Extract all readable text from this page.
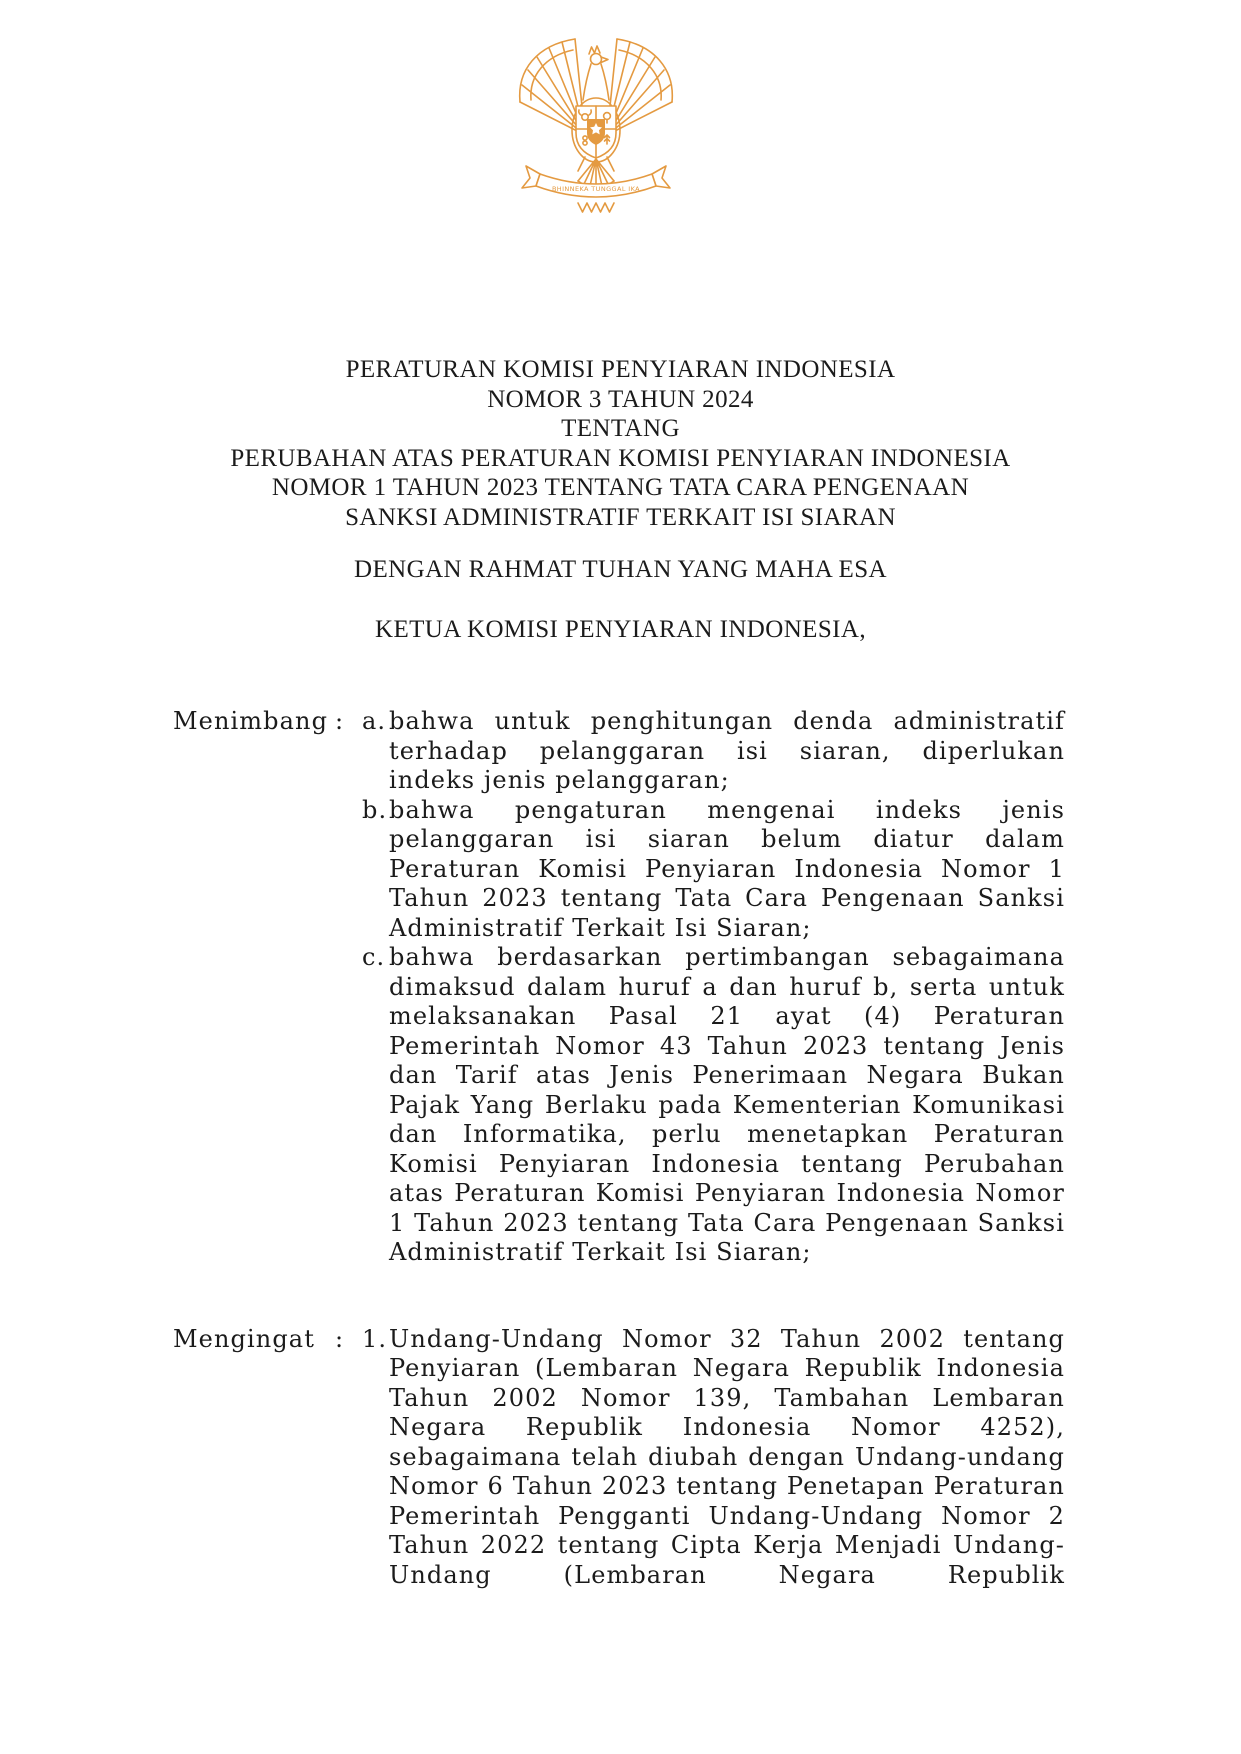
BHINNEKA TUNGGAL IKA
PERATURAN KOMISI PENYIARAN INDONESIA
NOMOR 3 TAHUN 2024
TENTANG
PERUBAHAN ATAS PERATURAN KOMISI PENYIARAN INDONESIA
NOMOR 1 TAHUN 2023 TENTANG TATA CARA PENGENAAN
SANKSI ADMINISTRATIF TERKAIT ISI SIARAN
DENGAN RAHMAT TUHAN YANG MAHA ESA
KETUA KOMISI PENYIARAN INDONESIA,
Menimbang : a. bahwa untuk penghitungan denda administratif terhadap pelanggaran isi siaran, diperlukan indeks jenis pelanggaran;
b. bahwa pengaturan mengenai indeks jenis pelanggaran isi siaran belum diatur dalam Peraturan Komisi Penyiaran Indonesia Nomor 1 Tahun 2023 tentang Tata Cara Pengenaan Sanksi Administratif Terkait Isi Siaran;
c. bahwa berdasarkan pertimbangan sebagaimana dimaksud dalam huruf a dan huruf b, serta untuk melaksanakan Pasal 21 ayat (4) Peraturan Pemerintah Nomor 43 Tahun 2023 tentang Jenis dan Tarif atas Jenis Penerimaan Negara Bukan Pajak Yang Berlaku pada Kementerian Komunikasi dan Informatika, perlu menetapkan Peraturan Komisi Penyiaran Indonesia tentang Perubahan atas Peraturan Komisi Penyiaran Indonesia Nomor 1 Tahun 2023 tentang Tata Cara Pengenaan Sanksi Administratif Terkait Isi Siaran;
Mengingat : 1. Undang-Undang Nomor 32 Tahun 2002 tentang Penyiaran (Lembaran Negara Republik Indonesia Tahun 2002 Nomor 139, Tambahan Lembaran Negara Republik Indonesia Nomor 4252), sebagaimana telah diubah dengan Undang-undang Nomor 6 Tahun 2023 tentang Penetapan Peraturan Pemerintah Pengganti Undang-Undang Nomor 2 Tahun 2022 tentang Cipta Kerja Menjadi Undang-Undang (Lembaran Negara Republik
